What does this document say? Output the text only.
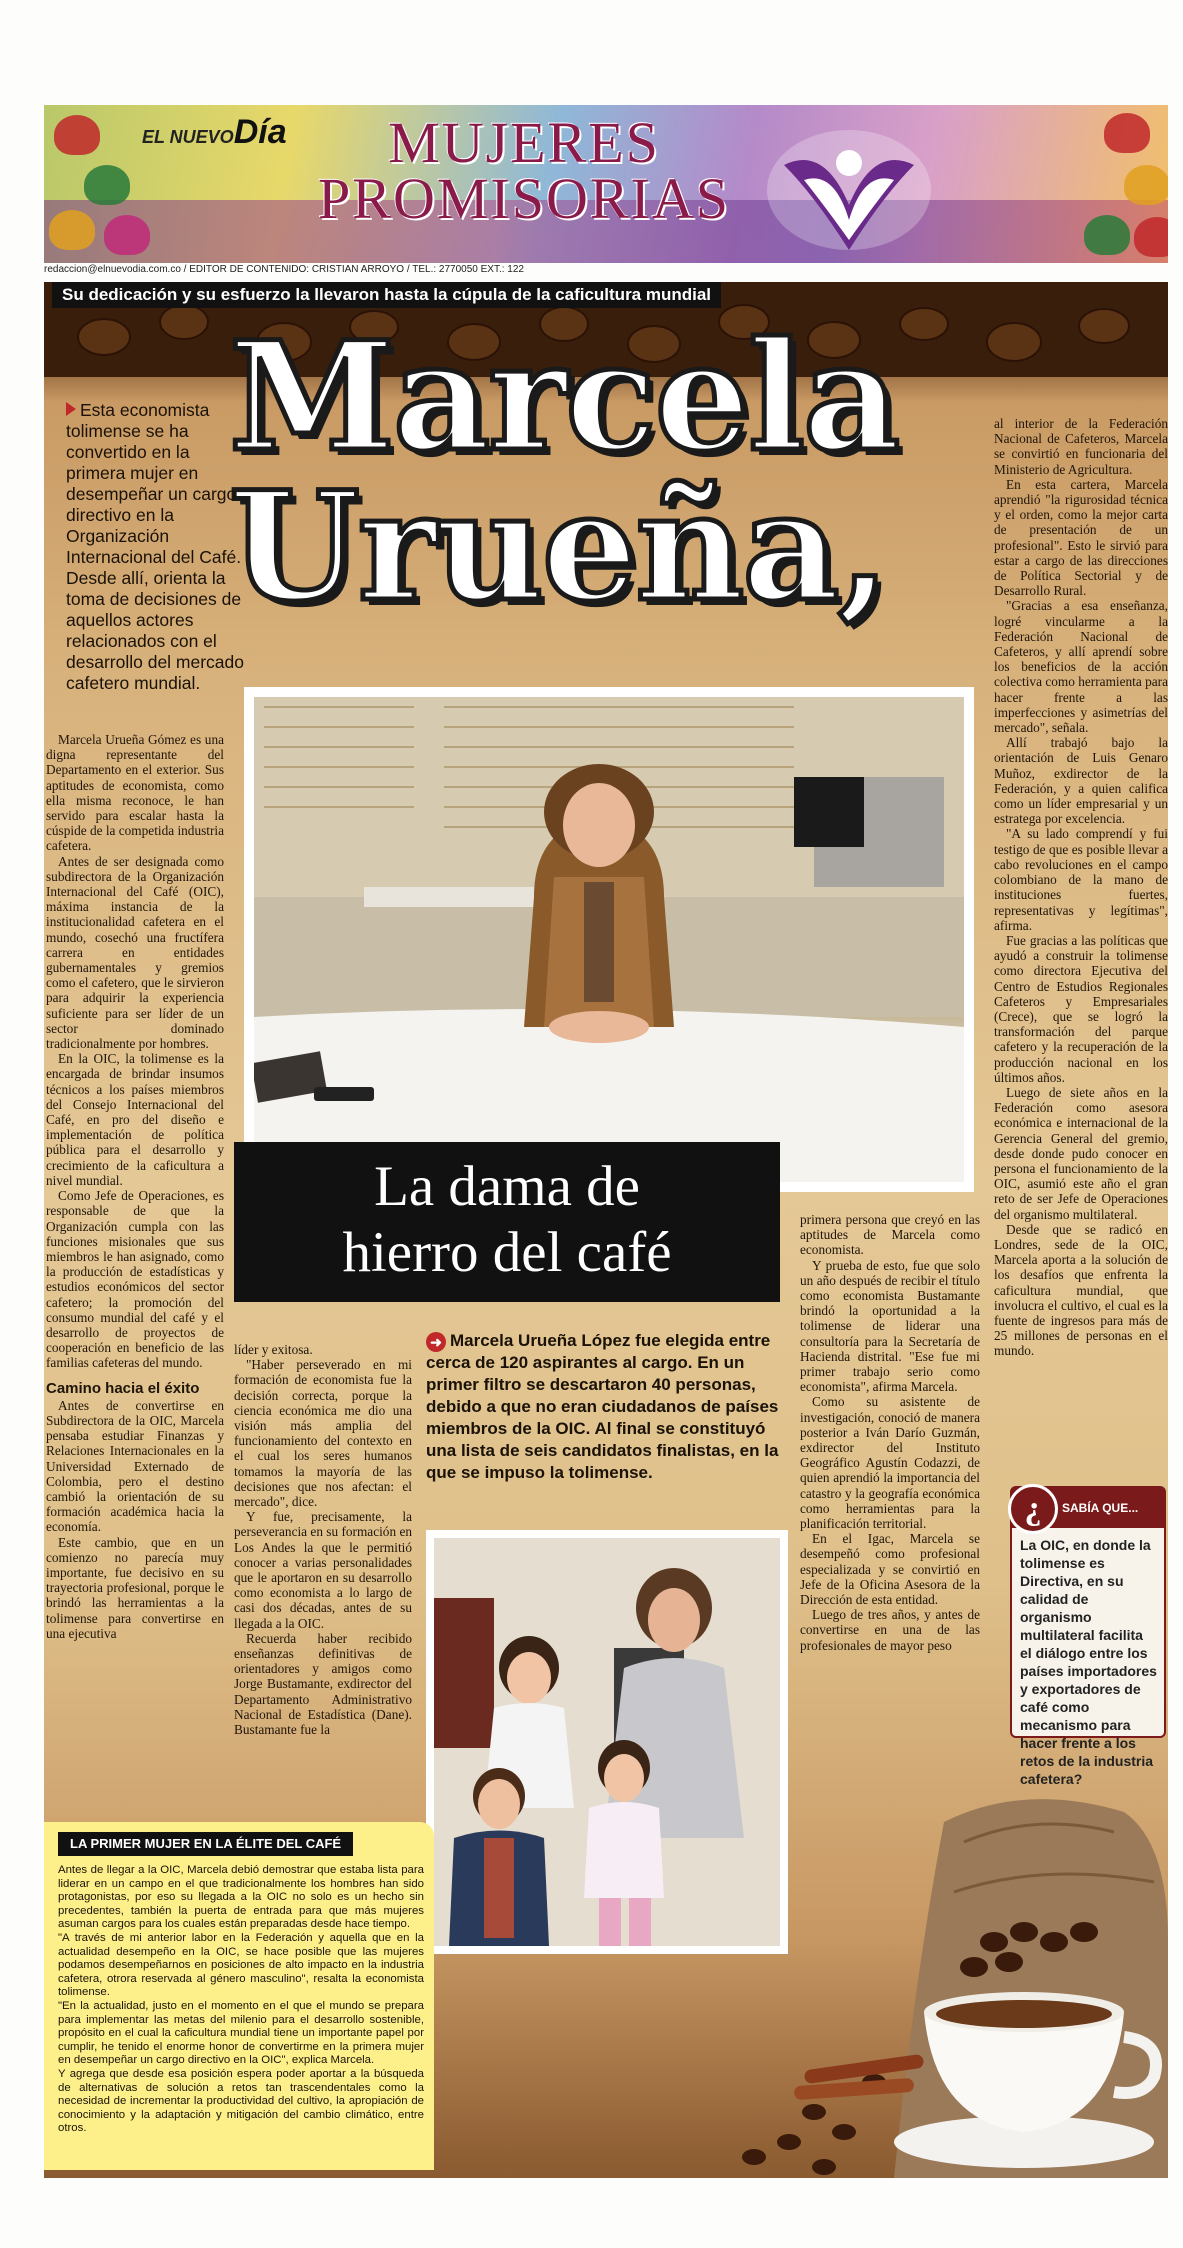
EL NUEVODía	MUJERES
PROMISORIAS
redaccion@elnuevodia.com.co / EDITOR DE CONTENIDO: CRISTIAN ARROYO / TEL.: 2770050 EXT.: 122
Su dedicación y su esfuerzo la llevaron hasta la cúpula de la caficultura mundial
Marcela
Urueña,
Esta economista tolimense se ha convertido en la primera mujer en desempeñar un cargo directivo en la Organización Internacional del Café. Desde allí, orienta la toma de decisiones de aquellos actores relacionados con el desarrollo del mercado cafetero mundial.

Marcela Urueña Gómez es una digna representante del Departamento en el exterior. Sus aptitudes de economista, como ella misma reconoce, le han servido para escalar hasta la cúspide de la competida industria cafetera.

Antes de ser designada como subdirectora de la Organización Internacional del Café (OIC), máxima instancia de la institucionalidad cafetera en el mundo, cosechó una fructífera carrera en entidades gubernamentales y gremios como el cafetero, que le sirvieron para adquirir la experiencia suficiente para ser líder de un sector dominado tradicionalmente por hombres.

En la OIC, la tolimense es la encargada de brindar insumos técnicos a los países miembros del Consejo Internacional del Café, en pro del diseño e implementación de política pública para el desarrollo y crecimiento de la caficultura a nivel mundial.

Como Jefe de Operaciones, es responsable de que la Organización cumpla con las funciones misionales que sus miembros le han asignado, como la producción de estadísticas y estudios económicos del sector cafetero; la promoción del consumo mundial del café y el desarrollo de proyectos de cooperación en beneficio de las familias cafeteras del mundo.

Camino hacia el éxito

Antes de convertirse en Subdirectora de la OIC, Marcela pensaba estudiar Finanzas y Relaciones Internacionales en la Universidad Externado de Colombia, pero el destino cambió la orientación de su formación académica hacia la economía.

Este cambio, que en un comienzo no parecía muy importante, fue decisivo en su trayectoria profesional, porque le brindó las herramientas a la tolimense para convertirse en una ejecutiva

La dama de
hierro del café

líder y exitosa.

"Haber perseverado en mi formación de economista fue la decisión correcta, porque la ciencia económica me dio una visión más amplia del funcionamiento del contexto en el cual los seres humanos tomamos la mayoría de las decisiones que nos afectan: el mercado", dice.

Y fue, precisamente, la perseverancia en su formación en Los Andes la que le permitió conocer a varias personalidades que le aportaron en su desarrollo como economista a lo largo de casi dos décadas, antes de su llegada a la OIC.

Recuerda haber recibido enseñanzas definitivas de orientadores y amigos como Jorge Bustamante, exdirector del Departamento Administrativo Nacional de Estadística (Dane). Bustamante fue la

➜ Marcela Urueña López fue elegida entre cerca de 120 aspirantes al cargo. En un primer filtro se descartaron 40 personas, debido a que no eran ciudadanos de países miembros de la OIC. Al final se constituyó una lista de seis candidatos finalistas, en la que se impuso la tolimense.

primera persona que creyó en las aptitudes de Marcela como economista.

Y prueba de esto, fue que solo un año después de recibir el título como economista Bustamante brindó la oportunidad a la tolimense de liderar una consultoría para la Secretaría de Hacienda distrital. "Ese fue mi primer trabajo serio como economista", afirma Marcela.

Como su asistente de investigación, conoció de manera posterior a Iván Darío Guzmán, exdirector del Instituto Geográfico Agustín Codazzi, de quien aprendió la importancia del catastro y la geografía económica como herramientas para la planificación territorial.

En el Igac, Marcela se desempeñó como profesional especializada y se convirtió en Jefe de la Oficina Asesora de la Dirección de esta entidad.

Luego de tres años, y antes de convertirse en una de las profesionales de mayor peso

al interior de la Federación Nacional de Cafeteros, Marcela se convirtió en funcionaria del Ministerio de Agricultura.

En esta cartera, Marcela aprendió "la rigurosidad técnica y el orden, como la mejor carta de presentación de un profesional". Esto le sirvió para estar a cargo de las direcciones de Política Sectorial y de Desarrollo Rural.

"Gracias a esa enseñanza, logré vincularme a la Federación Nacional de Cafeteros, y allí aprendí sobre los beneficios de la acción colectiva como herramienta para hacer frente a las imperfecciones y asimetrías del mercado", señala.

Allí trabajó bajo la orientación de Luis Genaro Muñoz, exdirector de la Federación, y a quien califica como un líder empresarial y un estratega por excelencia.

"A su lado comprendí y fui testigo de que es posible llevar a cabo revoluciones en el campo colombiano de la mano de instituciones fuertes, representativas y legítimas", afirma.

Fue gracias a las políticas que ayudó a construir la tolimense como directora Ejecutiva del Centro de Estudios Regionales Cafeteros y Empresariales (Crece), que se logró la transformación del parque cafetero y la recuperación de la producción nacional en los últimos años.

Luego de siete años en la Federación como asesora económica e internacional de la Gerencia General del gremio, desde donde pudo conocer en persona el funcionamiento de la OIC, asumió este año el gran reto de ser Jefe de Operaciones del organismo multilateral.

Desde que se radicó en Londres, sede de la OIC, Marcela aporta a la solución de los desafíos que enfrenta la caficultura mundial, que involucra el cultivo, el cual es la fuente de ingresos para más de 25 millones de personas en el mundo.

SABÍA QUE...
¿
La OIC, en donde la tolimense es Directiva, en su calidad de organismo multilateral facilita el diálogo entre los países importadores y exportadores de café como mecanismo para hacer frente a los retos de la industria cafetera?
LA PRIMER MUJER EN LA ÉLITE DEL CAFÉ

Antes de llegar a la OIC, Marcela debió demostrar que estaba lista para liderar en un campo en el que tradicionalmente los hombres han sido protagonistas, por eso su llegada a la OIC no solo es un hecho sin precedentes, también la puerta de entrada para que más mujeres asuman cargos para los cuales están preparadas desde hace tiempo.

"A través de mi anterior labor en la Federación y aquella que en la actualidad desempeño en la OIC, se hace posible que las mujeres podamos desempeñarnos en posiciones de alto impacto en la industria cafetera, otrora reservada al género masculino", resalta la economista tolimense.

"En la actualidad, justo en el momento en el que el mundo se prepara para implementar las metas del milenio para el desarrollo sostenible, propósito en el cual la caficultura mundial tiene un importante papel por cumplir, he tenido el enorme honor de convertirme en la primera mujer en desempeñar un cargo directivo en la OIC", explica Marcela.

Y agrega que desde esa posición espera poder aportar a la búsqueda de alternativas de solución a retos tan trascendentales como la necesidad de incrementar la productividad del cultivo, la apropiación de conocimiento y la adaptación y mitigación del cambio climático, entre otros.
